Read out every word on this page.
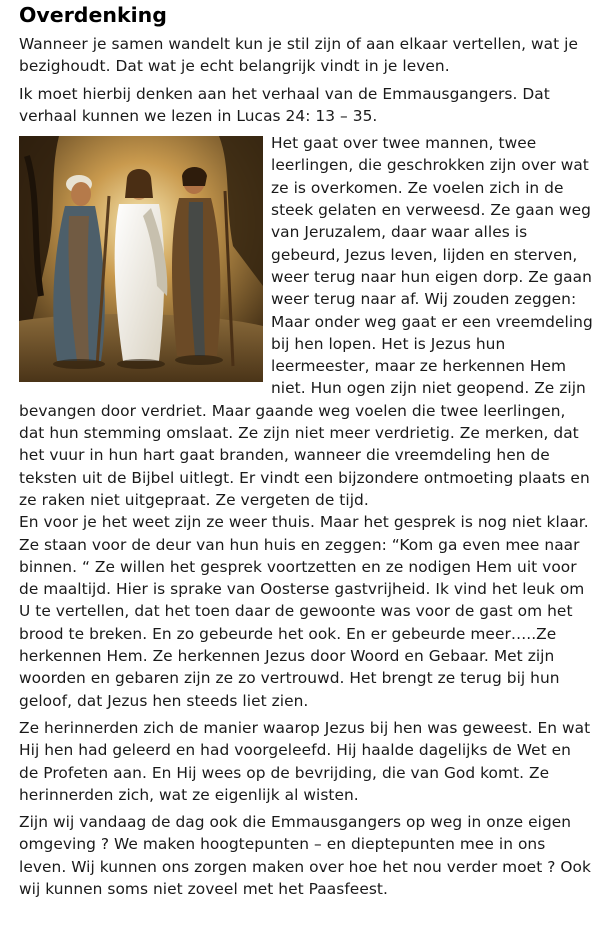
Overdenking

Wanneer je samen wandelt kun je stil zijn of aan elkaar vertellen, wat je bezighoudt. Dat wat je echt belangrijk vindt in je leven.

Ik moet hierbij denken aan het verhaal van de Emmausgangers. Dat verhaal kunnen we lezen in Lucas 24: 13 – 35.

Het gaat over twee mannen, twee leerlingen, die geschrokken zijn over wat ze is overkomen. Ze voelen zich in de steek gelaten en verweesd. Ze gaan weg van Jeruzalem, daar waar alles is gebeurd, Jezus leven, lijden en sterven, weer terug naar hun eigen dorp. Ze gaan weer terug naar af. Wij zouden zeggen: Maar onder weg gaat er een vreemdeling bij hen lopen. Het is Jezus hun leermeester, maar ze herkennen Hem niet. Hun ogen zijn niet geopend. Ze zijn bevangen door verdriet. Maar gaande weg voelen die twee leerlingen, dat hun stemming omslaat. Ze zijn niet meer verdrietig. Ze merken, dat het vuur in hun hart gaat branden, wanneer die vreemdeling hen de teksten uit de Bijbel uitlegt. Er vindt een bijzondere ontmoeting plaats en ze raken niet uitgepraat. Ze vergeten de tijd.

En voor je het weet zijn ze weer thuis. Maar het gesprek is nog niet klaar. Ze staan voor de deur van hun huis en zeggen: “Kom ga even mee naar binnen. “ Ze willen het gesprek voortzetten en ze nodigen Hem uit voor de maaltijd. Hier is sprake van Oosterse gastvrijheid. Ik vind het leuk om U te vertellen, dat het toen daar de gewoonte was voor de gast om het brood te breken. En zo gebeurde het ook. En er gebeurde meer…..Ze herkennen Hem. Ze herkennen Jezus door Woord en Gebaar. Met zijn woorden en gebaren zijn ze zo vertrouwd. Het brengt ze terug bij hun geloof, dat Jezus hen steeds liet zien.

Ze herinnerden zich de manier waarop Jezus bij hen was geweest. En wat Hij hen had geleerd en had voorgeleefd. Hij haalde dagelijks de Wet en de Profeten aan. En Hij wees op de bevrijding, die van God komt. Ze herinnerden zich, wat ze eigenlijk al wisten.

Zijn wij vandaag de dag ook die Emmausgangers op weg in onze eigen omgeving ? We maken hoogtepunten – en dieptepunten mee in ons leven. Wij kunnen ons zorgen maken over hoe het nou verder moet ? Ook wij kunnen soms niet zoveel met het Paasfeest.
